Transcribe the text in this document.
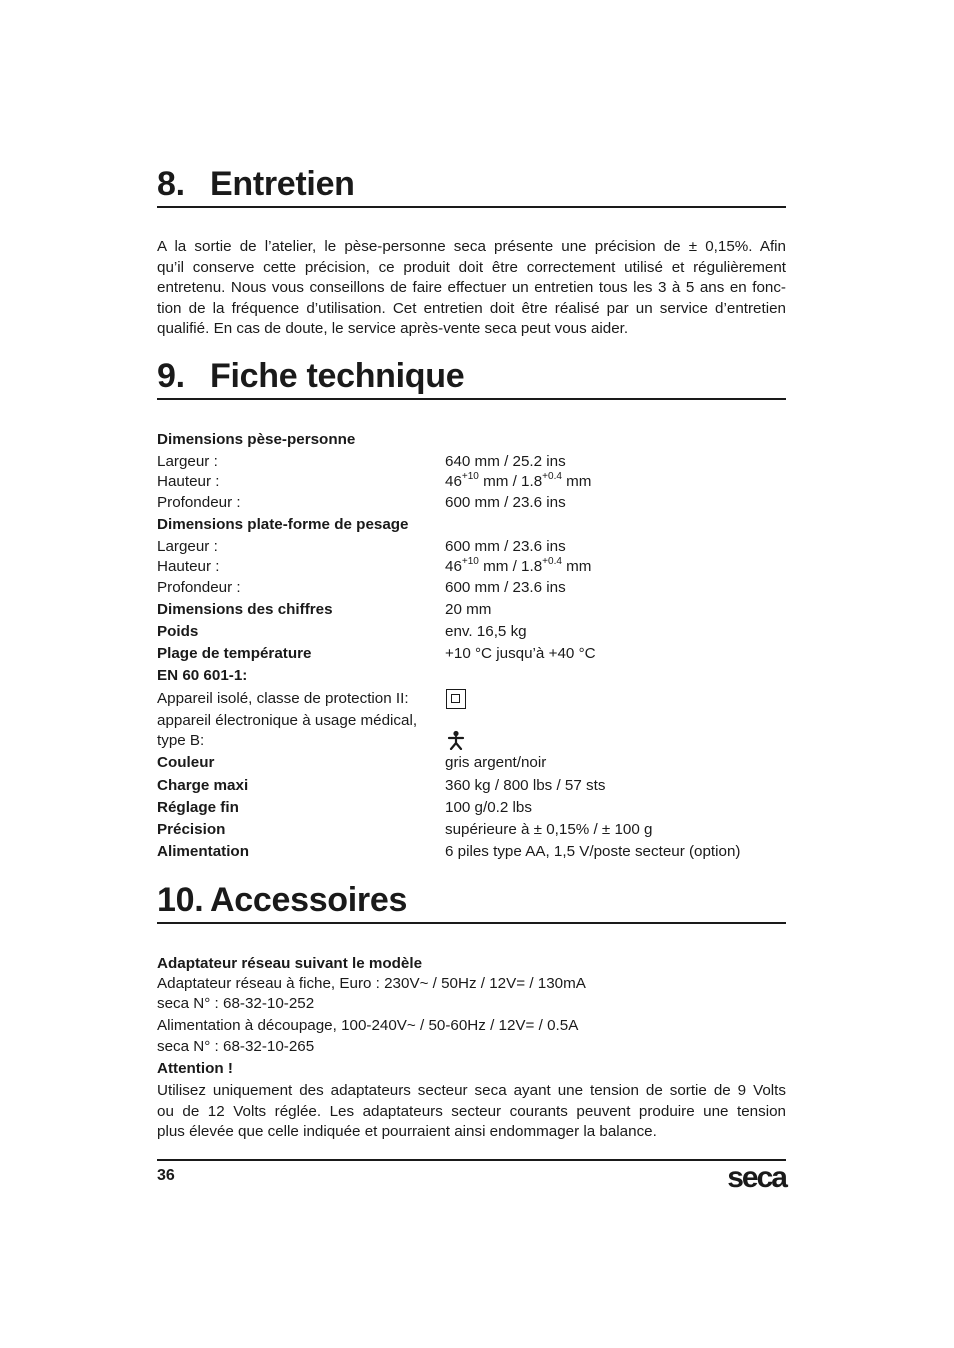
8. Entretien

A la sortie de l’atelier, le pèse-personne seca présente une précision de ± 0,15%. Afin
qu’il conserve cette précision, ce produit doit être correctement utilisé et régulièrement
entretenu. Nous vous conseillons de faire effectuer un entretien tous les 3 à 5 ans en fonc-
tion de la fréquence d’utilisation. Cet entretien doit être réalisé par un service d’entretien
qualifié. En cas de doute, le service après-vente seca peut vous aider.

9. Fiche technique
Dimensions pèse-personne
Largeur :	640 mm / 25.2 ins
Hauteur :	$46^{+10}$ mm / $1.8^{+0.4}$ mm
Profondeur :	600 mm / 23.6 ins
Dimensions plate-forme de pesage
Largeur :	600 mm / 23.6 ins
Hauteur :	$46^{+10}$ mm / $1.8^{+0.4}$ mm
Profondeur :	600 mm / 23.6 ins
Dimensions des chiffres	20 mm
Poids	env. 16,5 kg
Plage de température	+10 °C jusqu’à +40 °C
EN 60 601-1:
Appareil isolé, classe de protection II:
appareil électronique à usage médical,
type B:
Couleur	gris argent/noir
Charge maxi	360 kg / 800 lbs / 57 sts
Réglage fin	100 g/0.2 lbs
Précision	supérieure à ± 0,15% / ± 100 g
Alimentation	6 piles type AA, 1,5 V/poste secteur (option)
10. Accessoires
Adaptateur réseau suivant le modèle
Adaptateur réseau à fiche, Euro : 230V~ / 50Hz / 12V= / 130mA
seca N° : 68-32-10-252
Alimentation à découpage, 100-240V~ / 50-60Hz / 12V= / 0.5A
seca N° : 68-32-10-265
Attention !

Utilisez uniquement des adaptateurs secteur seca ayant une tension de sortie de 9 Volts
ou de 12 Volts réglée. Les adaptateurs secteur courants peuvent produire une tension
plus élevée que celle indiquée et pourraient ainsi endommager la balance.

36	seca
